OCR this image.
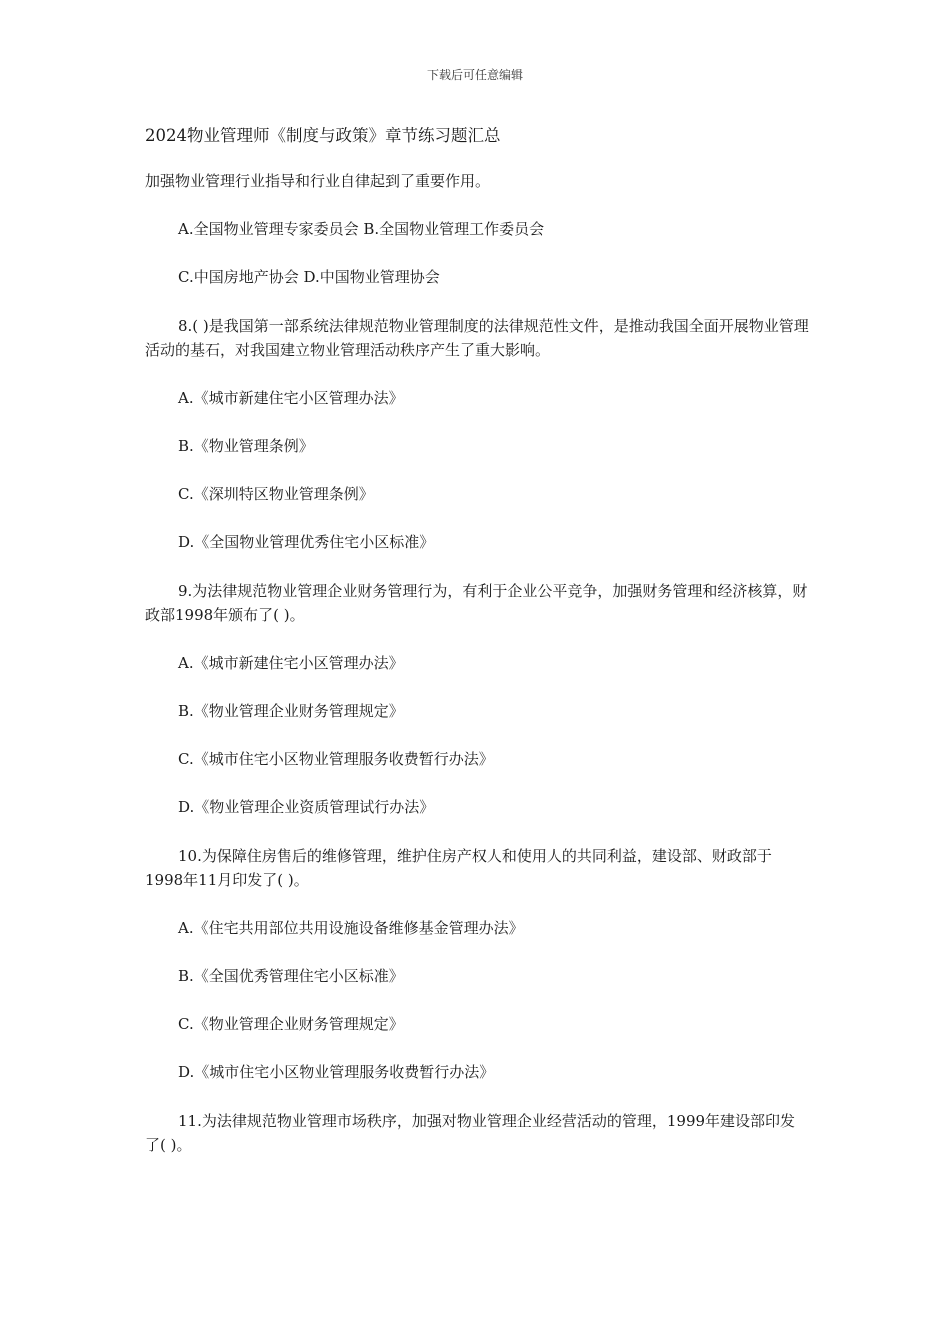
下载后可任意编辑
2024物业管理师《制度与政策》章节练习题汇总

加强物业管理行业指导和行业自律起到了重要作用。

A.全国物业管理专家委员会 B.全国物业管理工作委员会

C.中国房地产协会 D.中国物业管理协会

8.( )是我国第一部系统法律规范物业管理制度的法律规范性文件，是推动我国全面开展物业管理活动的基石，对我国建立物业管理活动秩序产生了重大影响。

A.《城市新建住宅小区管理办法》

B.《物业管理条例》

C.《深圳特区物业管理条例》

D.《全国物业管理优秀住宅小区标准》

9.为法律规范物业管理企业财务管理行为，有利于企业公平竞争，加强财务管理和经济核算，财政部1998年颁布了( )。

A.《城市新建住宅小区管理办法》

B.《物业管理企业财务管理规定》

C.《城市住宅小区物业管理服务收费暂行办法》

D.《物业管理企业资质管理试行办法》

10.为保障住房售后的维修管理，维护住房产权人和使用人的共同利益，建设部、财政部于1998年11月印发了( )。

A.《住宅共用部位共用设施设备维修基金管理办法》

B.《全国优秀管理住宅小区标准》

C.《物业管理企业财务管理规定》

D.《城市住宅小区物业管理服务收费暂行办法》

11.为法律规范物业管理市场秩序，加强对物业管理企业经营活动的管理，1999年建设部印发了( )。
